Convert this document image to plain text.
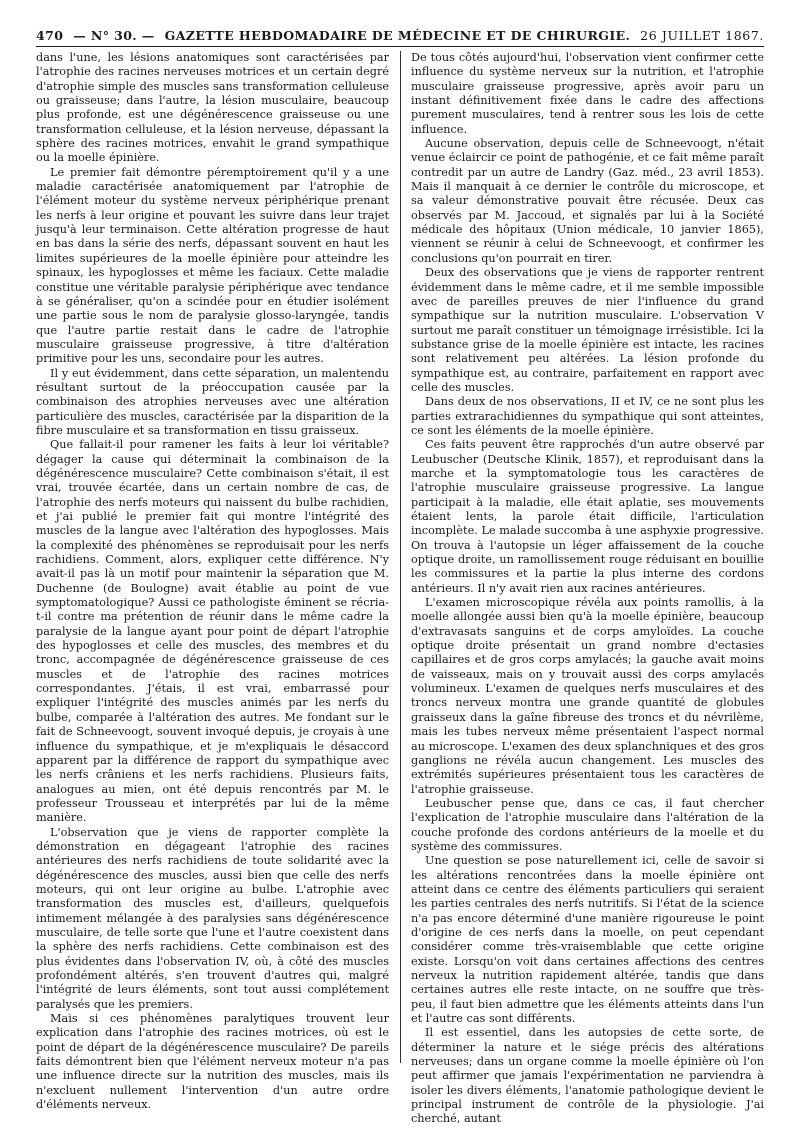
470 — N° 30. — GAZETTE HEBDOMADAIRE DE MÉDECINE ET DE CHIRURGIE. 26 JUILLET 1867.

dans l'une, les lésions anatomiques sont caractérisées par l'atrophie des racines nerveuses motrices et un certain degré d'atrophie simple des muscles sans transformation celluleuse ou graisseuse; dans l'autre, la lésion musculaire, beaucoup plus profonde, est une dégénérescence graisseuse ou une transformation celluleuse, et la lésion nerveuse, dépassant la sphère des racines motrices, envahit le grand sympathique ou la moelle épinière.

Le premier fait démontre péremptoirement qu'il y a une maladie caractérisée anatomiquement par l'atrophie de l'élément moteur du système nerveux périphérique prenant les nerfs à leur origine et pouvant les suivre dans leur trajet jusqu'à leur terminaison. Cette altération progresse de haut en bas dans la série des nerfs, dépassant souvent en haut les limites supérieures de la moelle épinière pour atteindre les spinaux, les hypoglosses et même les faciaux. Cette maladie constitue une véritable paralysie périphérique avec tendance à se généraliser, qu'on a scindée pour en étudier isolément une partie sous le nom de paralysie glosso-laryngée, tandis que l'autre partie restait dans le cadre de l'atrophie musculaire graisseuse progressive, à titre d'altération primitive pour les uns, secondaire pour les autres.

Il y eut évidemment, dans cette séparation, un malentendu résultant surtout de la préoccupation causée par la combinaison des atrophies nerveuses avec une altération particulière des muscles, caractérisée par la disparition de la fibre musculaire et sa transformation en tissu graisseux.

Que fallait-il pour ramener les faits à leur loi véritable? dégager la cause qui déterminait la combinaison de la dégénérescence musculaire? Cette combinaison s'était, il est vrai, trouvée écartée, dans un certain nombre de cas, de l'atrophie des nerfs moteurs qui naissent du bulbe rachidien, et j'ai publié le premier fait qui montre l'intégrité des muscles de la langue avec l'altération des hypoglosses. Mais la complexité des phénomènes se reproduisait pour les nerfs rachidiens. Comment, alors, expliquer cette différence. N'y avait-il pas là un motif pour maintenir la séparation que M. Duchenne (de Boulogne) avait établie au point de vue symptomatologique? Aussi ce pathologiste éminent se récria-t-il contre ma prétention de réunir dans le même cadre la paralysie de la langue ayant pour point de départ l'atrophie des hypoglosses et celle des muscles, des membres et du tronc, accompagnée de dégénérescence graisseuse de ces muscles et de l'atrophie des racines motrices correspondantes. J'étais, il est vrai, embarrassé pour expliquer l'intégrité des muscles animés par les nerfs du bulbe, comparée à l'altération des autres. Me fondant sur le fait de Schneevoogt, souvent invoqué depuis, je croyais à une influence du sympathique, et je m'expliquais le désaccord apparent par la différence de rapport du sympathique avec les nerfs crâniens et les nerfs rachidiens. Plusieurs faits, analogues au mien, ont été depuis rencontrés par M. le professeur Trousseau et interprétés par lui de la même manière.

L'observation que je viens de rapporter complète la démonstration en dégageant l'atrophie des racines antérieures des nerfs rachidiens de toute solidarité avec la dégénérescence des muscles, aussi bien que celle des nerfs moteurs, qui ont leur origine au bulbe. L'atrophie avec transformation des muscles est, d'ailleurs, quelquefois intimement mélangée à des paralysies sans dégénérescence musculaire, de telle sorte que l'une et l'autre coexistent dans la sphère des nerfs rachidiens. Cette combinaison est des plus évidentes dans l'observation IV, où, à côté des muscles profondément altérés, s'en trouvent d'autres qui, malgré l'intégrité de leurs éléments, sont tout aussi complétement paralysés que les premiers.

Mais si ces phénomènes paralytiques trouvent leur explication dans l'atrophie des racines motrices, où est le point de départ de la dégénérescence musculaire? De pareils faits démontrent bien que l'élément nerveux moteur n'a pas une influence directe sur la nutrition des muscles, mais ils n'excluent nullement l'intervention d'un autre ordre d'éléments nerveux.

De tous côtés aujourd'hui, l'observation vient confirmer cette influence du système nerveux sur la nutrition, et l'atrophie musculaire graisseuse progressive, après avoir paru un instant définitivement fixée dans le cadre des affections purement musculaires, tend à rentrer sous les lois de cette influence.

Aucune observation, depuis celle de Schneevoogt, n'était venue éclaircir ce point de pathogénie, et ce fait même paraît contredit par un autre de Landry (Gaz. méd., 23 avril 1853). Mais il manquait à ce dernier le contrôle du microscope, et sa valeur démonstrative pouvait être récusée. Deux cas observés par M. Jaccoud, et signalés par lui à la Société médicale des hôpitaux (Union médicale, 10 janvier 1865), viennent se réunir à celui de Schneevoogt, et confirmer les conclusions qu'on pourrait en tirer.

Deux des observations que je viens de rapporter rentrent évidemment dans le même cadre, et il me semble impossible avec de pareilles preuves de nier l'influence du grand sympathique sur la nutrition musculaire. L'observation V surtout me paraît constituer un témoignage irrésistible. Ici la substance grise de la moelle épinière est intacte, les racines sont relativement peu altérées. La lésion profonde du sympathique est, au contraire, parfaitement en rapport avec celle des muscles.

Dans deux de nos observations, II et IV, ce ne sont plus les parties extrarachidiennes du sympathique qui sont atteintes, ce sont les éléments de la moelle épinière.

Ces faits peuvent être rapprochés d'un autre observé par Leubuscher (Deutsche Klinik, 1857), et reproduisant dans la marche et la symptomatologie tous les caractères de l'atrophie musculaire graisseuse progressive. La langue participait à la maladie, elle était aplatie, ses mouvements étaient lents, la parole était difficile, l'articulation incomplète. Le malade succomba à une asphyxie progressive. On trouva à l'autopsie un léger affaissement de la couche optique droite, un ramollissement rouge réduisant en bouillie les commissures et la partie la plus interne des cordons antérieurs. Il n'y avait rien aux racines antérieures.

L'examen microscopique révéla aux points ramollis, à la moelle allongée aussi bien qu'à la moelle épinière, beaucoup d'extravasats sanguins et de corps amyloïdes. La couche optique droite présentait un grand nombre d'ectasies capillaires et de gros corps amylacés; la gauche avait moins de vaisseaux, mais on y trouvait aussi des corps amylacés volumineux. L'examen de quelques nerfs musculaires et des troncs nerveux montra une grande quantité de globules graisseux dans la gaîne fibreuse des troncs et du névrilème, mais les tubes nerveux même présentaient l'aspect normal au microscope. L'examen des deux splanchniques et des gros ganglions ne révéla aucun changement. Les muscles des extrémités supérieures présentaient tous les caractères de l'atrophie graisseuse.

Leubuscher pense que, dans ce cas, il faut chercher l'explication de l'atrophie musculaire dans l'altération de la couche profonde des cordons antérieurs de la moelle et du système des commissures.

Une question se pose naturellement ici, celle de savoir si les altérations rencontrées dans la moelle épinière ont atteint dans ce centre des éléments particuliers qui seraient les parties centrales des nerfs nutritifs. Si l'état de la science n'a pas encore déterminé d'une manière rigoureuse le point d'origine de ces nerfs dans la moelle, on peut cependant considérer comme très-vraisemblable que cette origine existe. Lorsqu'on voit dans certaines affections des centres nerveux la nutrition rapidement altérée, tandis que dans certaines autres elle reste intacte, on ne souffre que très-peu, il faut bien admettre que les éléments atteints dans l'un et l'autre cas sont différents.

Il est essentiel, dans les autopsies de cette sorte, de déterminer la nature et le siége précis des altérations nerveuses; dans un organe comme la moelle épinière où l'on peut affirmer que jamais l'expérimentation ne parviendra à isoler les divers éléments, l'anatomie pathologique devient le principal instrument de contrôle de la physiologie. J'ai cherché, autant
